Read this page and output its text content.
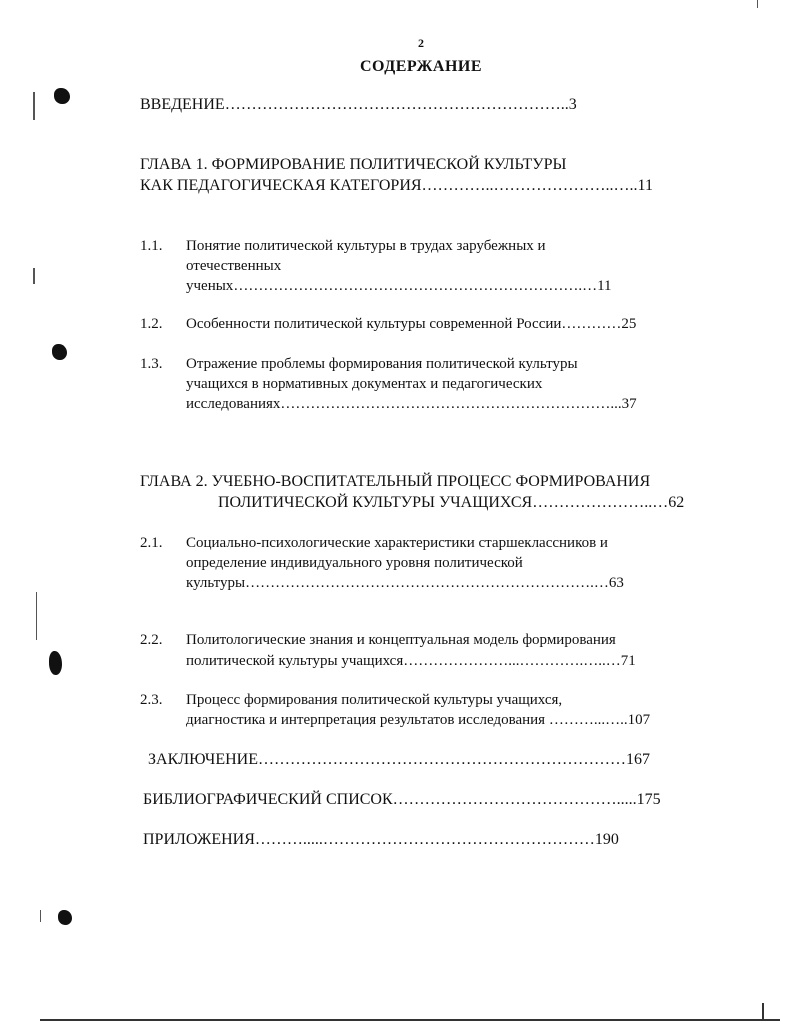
2
СОДЕРЖАНИЕ
ВВЕДЕНИЕ………………………………………………………..3
ГЛАВА 1. ФОРМИРОВАНИЕ ПОЛИТИЧЕСКОЙ КУЛЬТУРЫ
КАК ПЕДАГОГИЧЕСКАЯ КАТЕГОРИЯ…………..…………………..…..11
1.1. Понятие политической культуры в трудах зарубежных и
отечественных
ученых…………………………………………………………….…11
1.2. Особенности политической культуры современной России…………25
1.3. Отражение проблемы формирования политической культуры
учащихся в нормативных документах и педагогических
исследованиях…………………………………………………………...37
ГЛАВА 2. УЧЕБНО-ВОСПИТАТЕЛЬНЫЙ ПРОЦЕСС ФОРМИРОВАНИЯ
ПОЛИТИЧЕСКОЙ КУЛЬТУРЫ УЧАЩИХСЯ…………………..…62
2.1. Социально-психологические характеристики старшеклассников и
определение индивидуального уровня политической
культуры…………………………………………………………….…63
2.2. Политологические знания и концептуальная модель формирования
политической культуры учащихся…………………...………….…..…71
2.3. Процесс формирования политической культуры учащихся,
диагностика и интерпретация результатов исследования ………...…..107
ЗАКЛЮЧЕНИЕ……………………………………………………………167
БИБЛИОГРАФИЧЕСКИЙ СПИСОК…………………………………….....175
ПРИЛОЖЕНИЯ……….....……………………………………………190
